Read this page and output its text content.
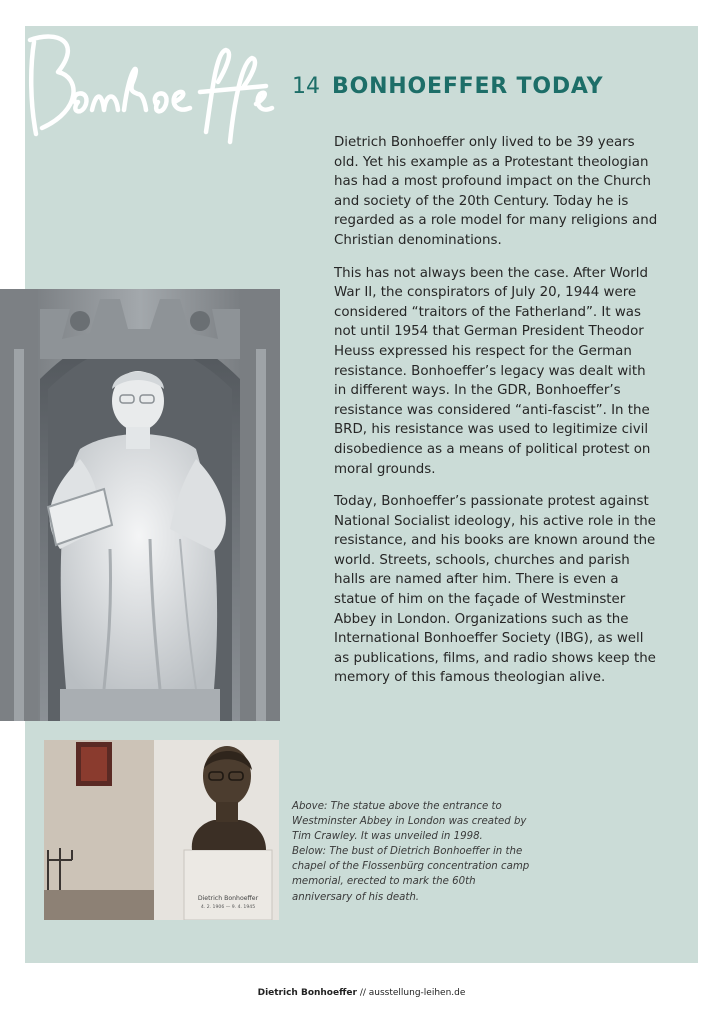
14 BONHOEFFER TODAY

Dietrich Bonhoeffer only lived to be 39 years old. Yet his example as a Protestant theologian has had a most profound impact on the Church and society of the 20th Century. Today he is regarded as a role model for many religions and Christian denominations.

This has not always been the case. After World War II, the conspirators of July 20, 1944 were considered “traitors of the Fatherland”. It was not until 1954 that German President Theodor Heuss expressed his respect for the German resistance. Bonhoeffer’s legacy was dealt with in different ways. In the GDR, Bonhoeffer’s resistance was considered “anti-fascist”. In the BRD, his resistance was used to legitimize civil disobedience as a means of political protest on moral grounds.

Today, Bonhoeffer’s passionate protest against National Socialist ideology, his active role in the resistance, and his books are known around the world. Streets, schools, churches and parish halls are named after him. There is even a statue of him on the façade of Westminster Abbey in London. Organizations such as the International Bonhoeffer Society (IBG), as well as publications, films, and radio shows keep the memory of this famous theologian alive.

Dietrich Bonhoeffer
4. 2. 1906 — 9. 4. 1945

Above: The statue above the entrance to Westminster Abbey in London was created by Tim Crawley. It was unveiled in 1998.

Below: The bust of Dietrich Bonhoeffer in the chapel of the Flossenbürg concentration camp memorial, erected to mark the 60th anniversary of his death.

Dietrich Bonhoeffer // ausstellung-leihen.de
